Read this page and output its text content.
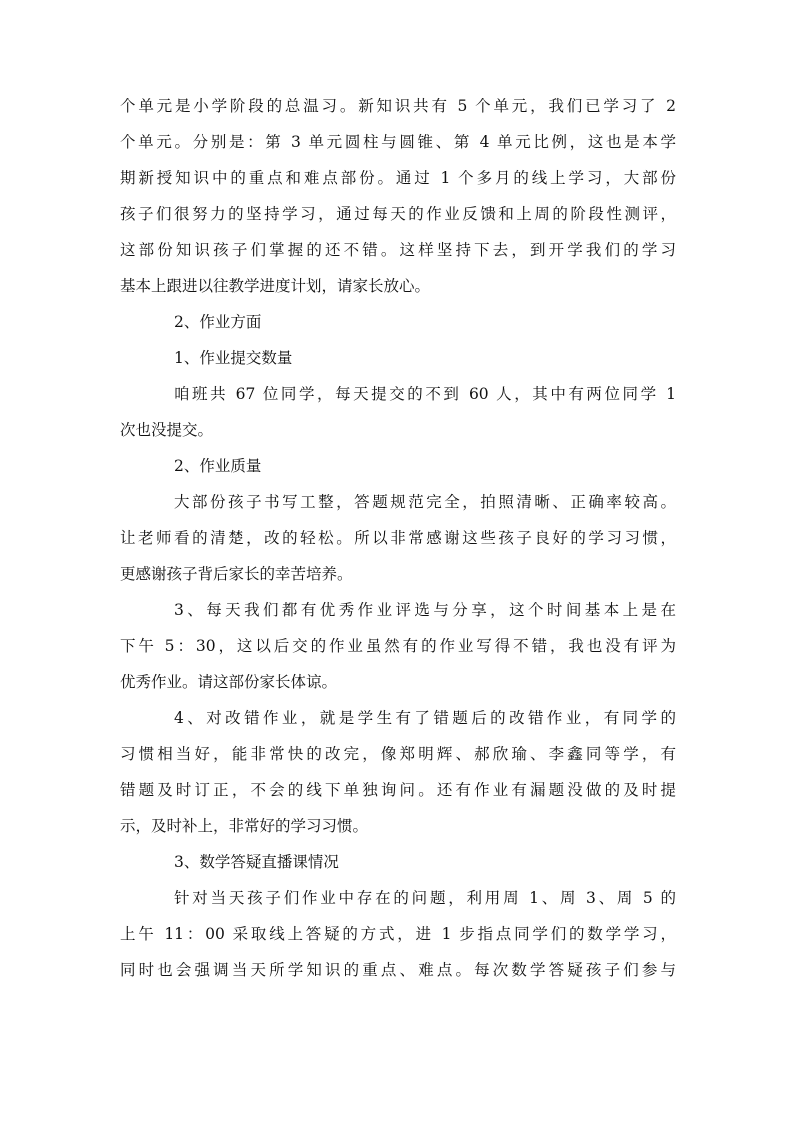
个单元是小学阶段的总温习。新知识共有 5 个单元，我们已学习了 2
个单元。分别是：第 3 单元圆柱与圆锥、第 4 单元比例，这也是本学
期新授知识中的重点和难点部份。通过 1 个多月的线上学习，大部份
孩子们很努力的坚持学习，通过每天的作业反馈和上周的阶段性测评，
这部份知识孩子们掌握的还不错。这样坚持下去，到开学我们的学习
基本上跟进以往教学进度计划，请家长放心。
2、作业方面
1、作业提交数量
咱班共 67 位同学，每天提交的不到 60 人，其中有两位同学 1
次也没提交。
2、作业质量
大部份孩子书写工整，答题规范完全，拍照清晰、正确率较高。
让老师看的清楚，改的轻松。所以非常感谢这些孩子良好的学习习惯，
更感谢孩子背后家长的幸苦培养。
3、每天我们都有优秀作业评选与分享，这个时间基本上是在
下午 5：30，这以后交的作业虽然有的作业写得不错，我也没有评为
优秀作业。请这部份家长体谅。
4、对改错作业，就是学生有了错题后的改错作业，有同学的
习惯相当好，能非常快的改完，像郑明辉、郝欣瑜、李鑫同等学，有
错题及时订正，不会的线下单独询问。还有作业有漏题没做的及时提
示，及时补上，非常好的学习习惯。
3、数学答疑直播课情况
针对当天孩子们作业中存在的问题，利用周 1、周 3、周 5 的
上午 11：00 采取线上答疑的方式，进 1 步指点同学们的数学学习，
同时也会强调当天所学知识的重点、难点。每次数学答疑孩子们参与
